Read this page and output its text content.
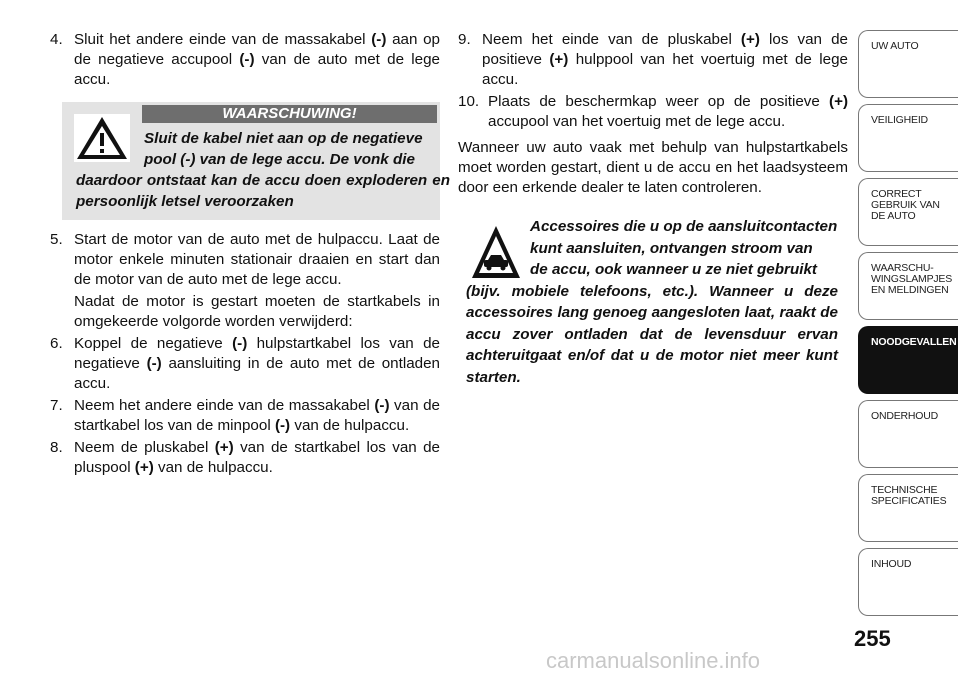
4. Sluit het andere einde van de massakabel (-) aan op de negatieve accupool (-) van de auto met de lege accu.
WAARSCHUWING!
Sluit de kabel niet aan op de negatieve
pool (-) van de lege accu. De vonk die
daardoor ontstaat kan de accu doen exploderen en persoonlijk letsel veroorzaken
5. Start de motor van de auto met de hulpaccu. Laat de motor enkele minuten stationair draaien en start dan de motor van de auto met de lege accu.
Nadat de motor is gestart moeten de startkabels in omgekeerde volgorde worden verwijderd:
6. Koppel de negatieve (-) hulpstartkabel los van de negatieve (-) aansluiting in de auto met de ontladen accu.
7. Neem het andere einde van de massakabel (-) van de startkabel los van de minpool (-) van de hulpaccu.
8. Neem de pluskabel (+) van de startkabel los van de pluspool (+) van de hulpaccu.
9. Neem het einde van de pluskabel (+) los van de positieve (+) hulppool van het voertuig met de lege accu.
10. Plaats de beschermkap weer op de positieve (+) accupool van het voertuig met de lege accu.

Wanneer uw auto vaak met behulp van hulpstartkabels moet worden gestart, dient u de accu en het laadsysteem door een erkende dealer te laten controleren.

Accessoires die u op de aansluitcontacten
kunt aansluiten, ontvangen stroom van
de accu, ook wanneer u ze niet gebruikt
(bijv. mobiele telefoons, etc.). Wanneer u deze accessoires lang genoeg aangesloten laat, raakt de accu zover ontladen dat de levensduur ervan achteruitgaat en/of dat u de motor niet meer kunt starten.
UW AUTO
VEILIGHEID
CORRECT
GEBRUIK VAN
DE AUTO
WAARSCHU-
WINGSLAMPJES
EN MELDINGEN
NOODGEVALLEN
ONDERHOUD
TECHNISCHE
SPECIFICATIES
INHOUD
255
carmanualsonline.info
